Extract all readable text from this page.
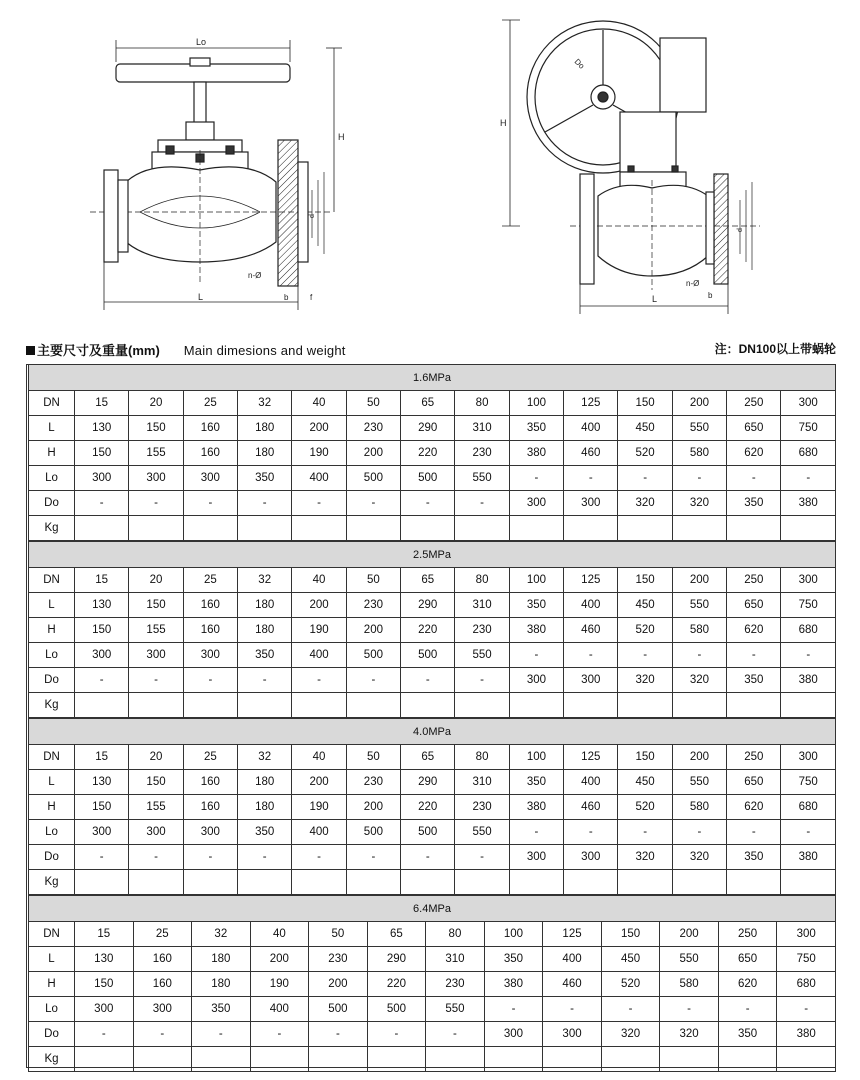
Lo
H
L
n-Ø
b	f
d
Do
H
L
n-Ø
b
d
主要尺寸及重量(mm) Main dimesions and weight	注：DN100以上带蜗轮
1.6MPa														
DN	15	20	25	32	40	50	65	80	100	125	150	200	250	300
L	130	150	160	180	200	230	290	310	350	400	450	550	650	750
H	150	155	160	180	190	200	220	230	380	460	520	580	620	680
Lo	300	300	300	350	400	500	500	550	-	-	-	-	-	-
Do	-	-	-	-	-	-	-	-	300	300	320	320	350	380
Kg														
2.5MPa														
DN	15	20	25	32	40	50	65	80	100	125	150	200	250	300
L	130	150	160	180	200	230	290	310	350	400	450	550	650	750
H	150	155	160	180	190	200	220	230	380	460	520	580	620	680
Lo	300	300	300	350	400	500	500	550	-	-	-	-	-	-
Do	-	-	-	-	-	-	-	-	300	300	320	320	350	380
Kg														
4.0MPa														
DN	15	20	25	32	40	50	65	80	100	125	150	200	250	300
L	130	150	160	180	200	230	290	310	350	400	450	550	650	750
H	150	155	160	180	190	200	220	230	380	460	520	580	620	680
Lo	300	300	300	350	400	500	500	550	-	-	-	-	-	-
Do	-	-	-	-	-	-	-	-	300	300	320	320	350	380
Kg														
6.4MPa													
DN	15	25	32	40	50	65	80	100	125	150	200	250	300
L	130	160	180	200	230	290	310	350	400	450	550	650	750
H	150	160	180	190	200	220	230	380	460	520	580	620	680
Lo	300	300	350	400	500	500	550	-	-	-	-	-	-
Do	-	-	-	-	-	-	-	300	300	320	320	350	380
Kg													
